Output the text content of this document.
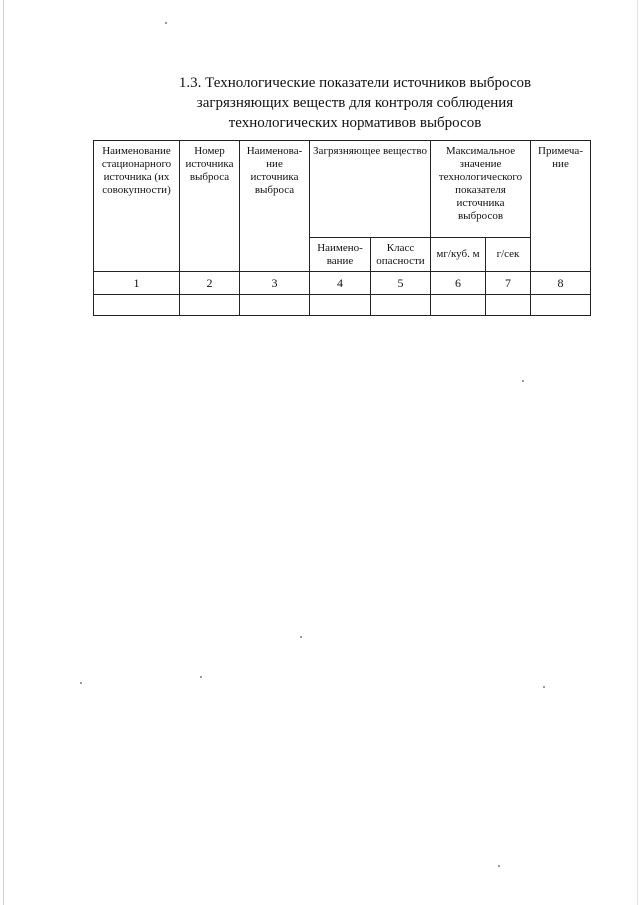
1.3. Технологические показатели источников выбросов
загрязняющих веществ для контроля соблюдения
технологических нормативов выбросов
Наименование стационарного источника (их совокупности)	Номер источника выброса	Наименова-ние источника выброса	Загрязняющее вещество		Максимальное значение технологического показателя источника выбросов		Примеча-ние
			Наимено-вание	Класс опасности	мг/куб. м	г/сек	
1	2	3	4	5	6	7	8
